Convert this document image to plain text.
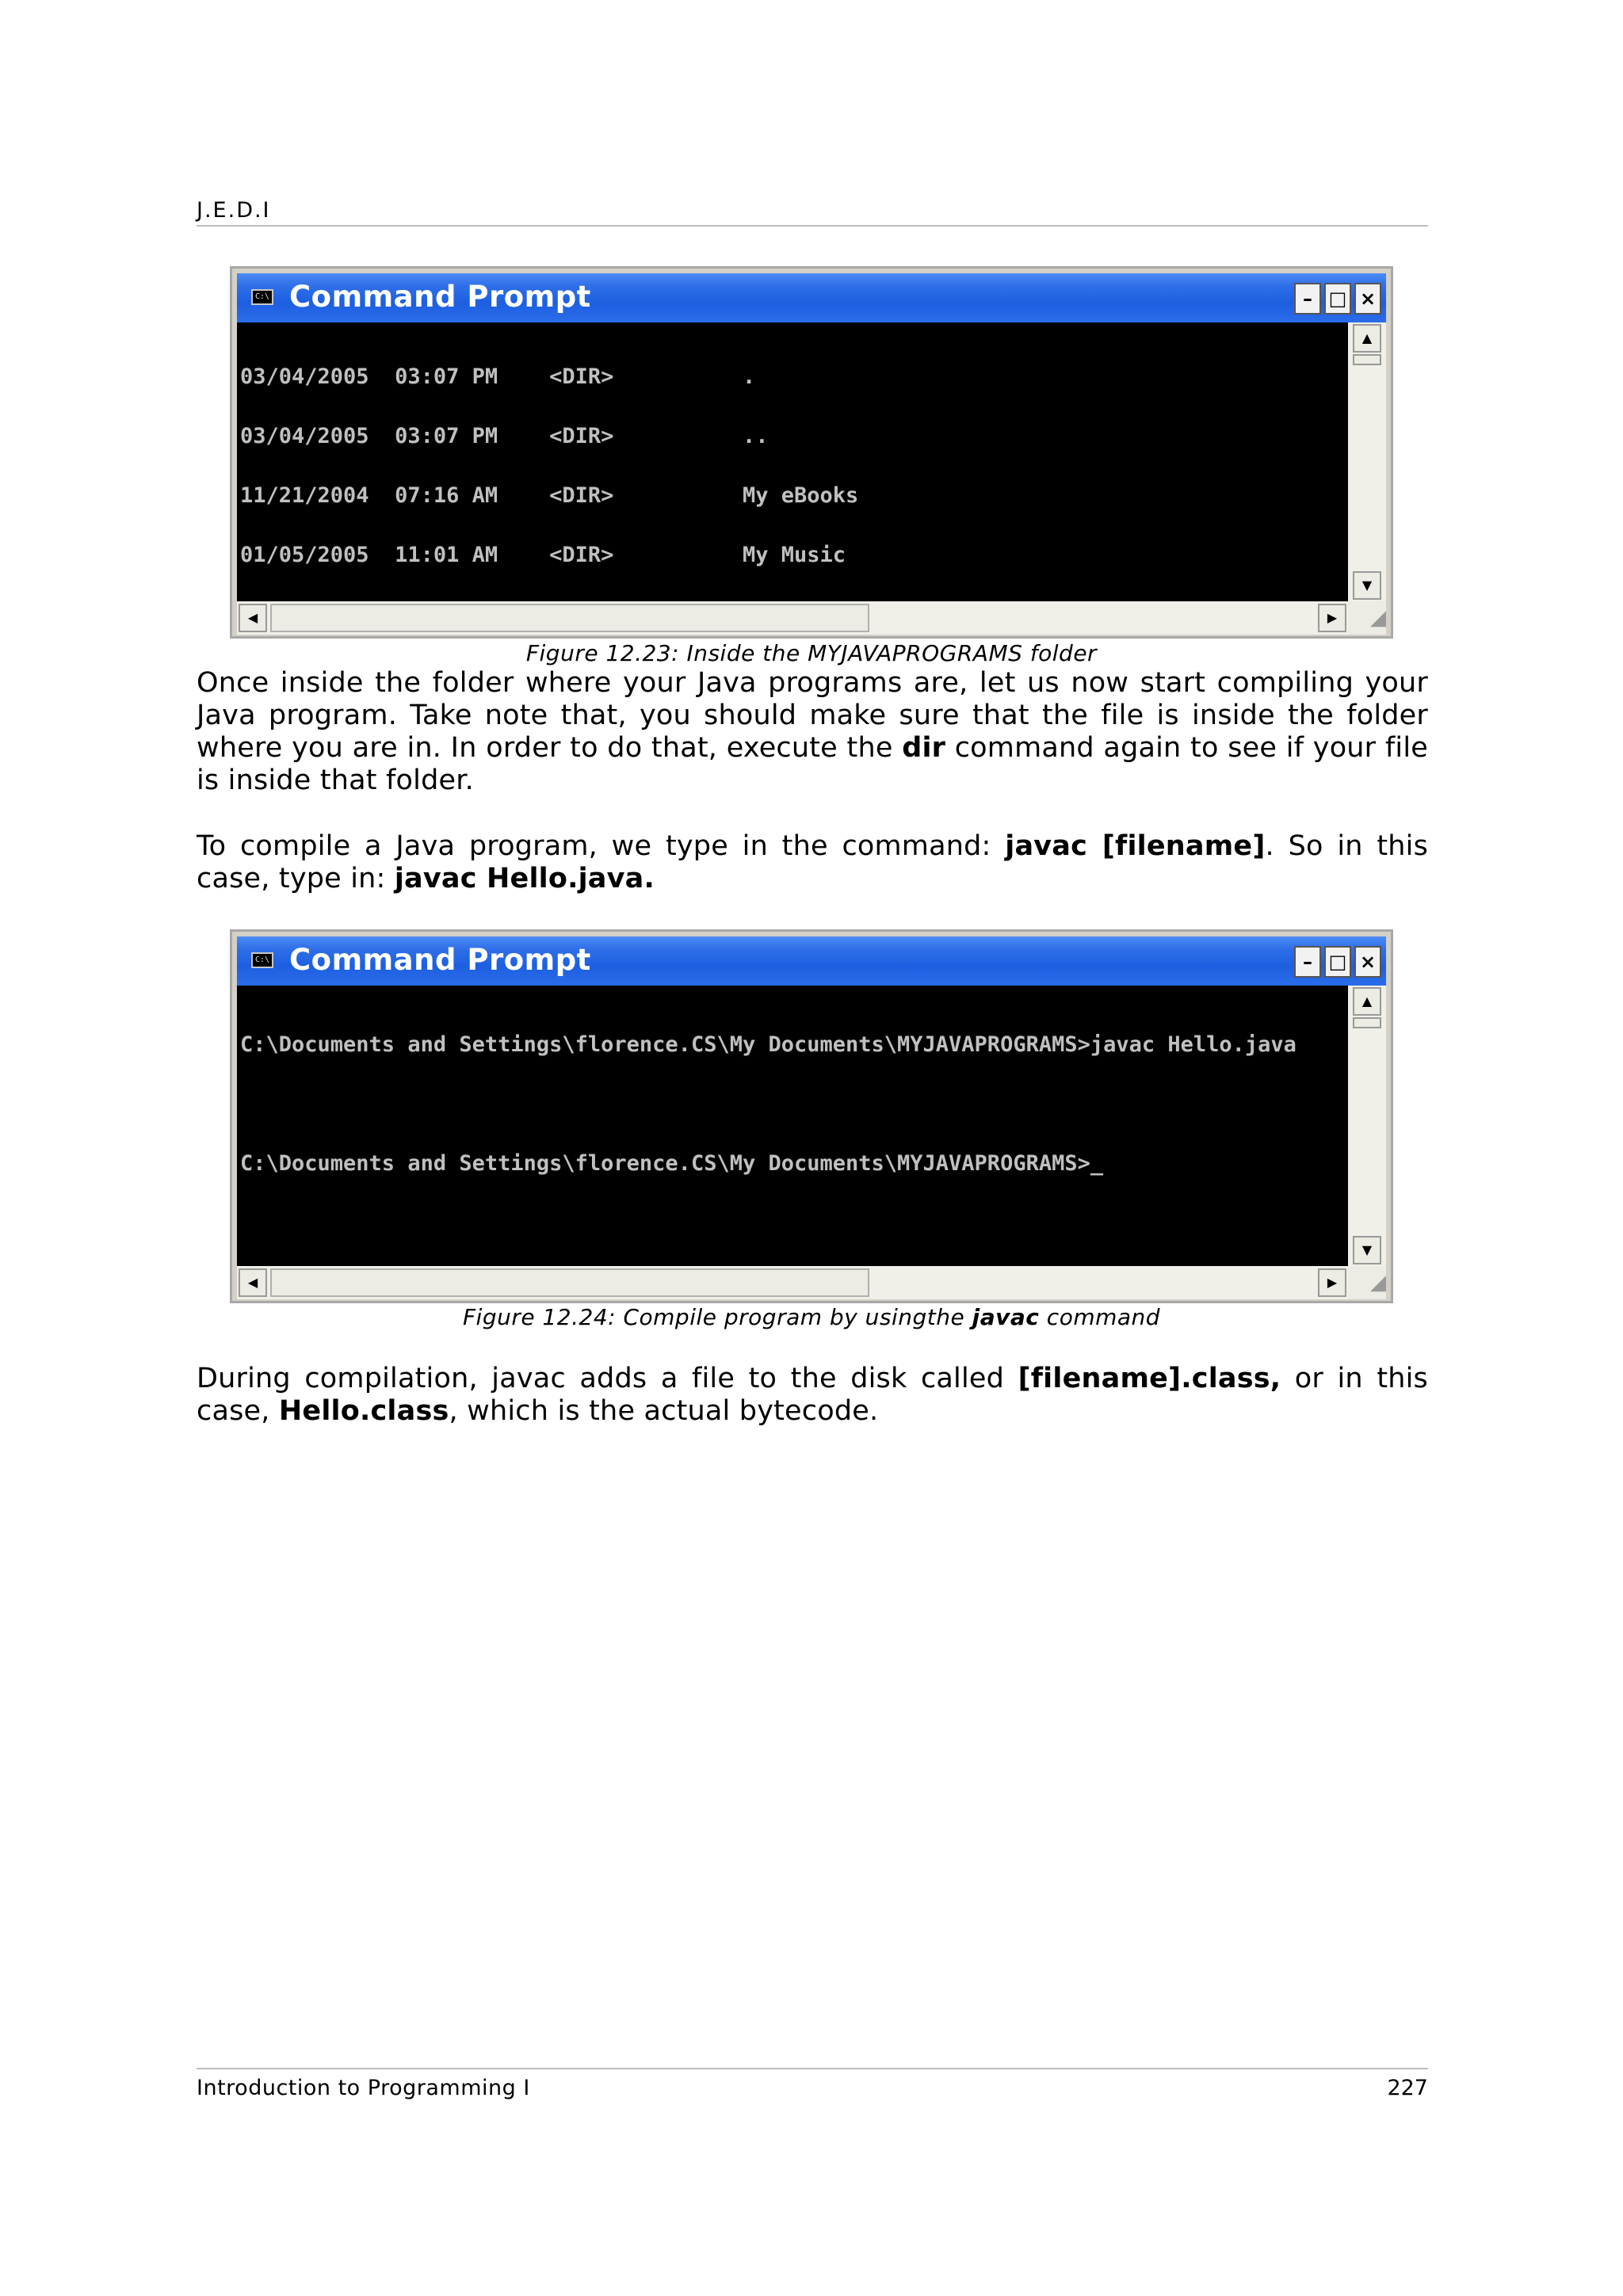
J.E.D.I
C:\ Command Prompt	– □ ×

03/04/2005  03:07 PM    <DIR>          .

03/04/2005  03:07 PM    <DIR>          ..

11/21/2004  07:16 AM    <DIR>          My eBooks

01/05/2005  11:01 AM    <DIR>          My Music

▲
▼
◀	▶	◢
Figure 12.23: Inside the MYJAVAPROGRAMS folder
Once inside the folder where your Java programs are, let us now start compiling your Java program. Take note that, you should make sure that the file is inside the folder where you are in. In order to do that, execute the dir command again to see if your file is inside that folder.
To compile a Java program, we type in the command: javac [filename]. So in this case, type in: javac Hello.java.
C:\ Command Prompt	– □ ×

C:\Documents and Settings\florence.CS\My Documents\MYJAVAPROGRAMS>javac Hello.java

C:\Documents and Settings\florence.CS\My Documents\MYJAVAPROGRAMS>_

▲
▼
◀	▶	◢
Figure 12.24: Compile program by usingthe javac command
During compilation, javac adds a file to the disk called [filename].class, or in this case, Hello.class, which is the actual bytecode.
Introduction to Programming I	227
